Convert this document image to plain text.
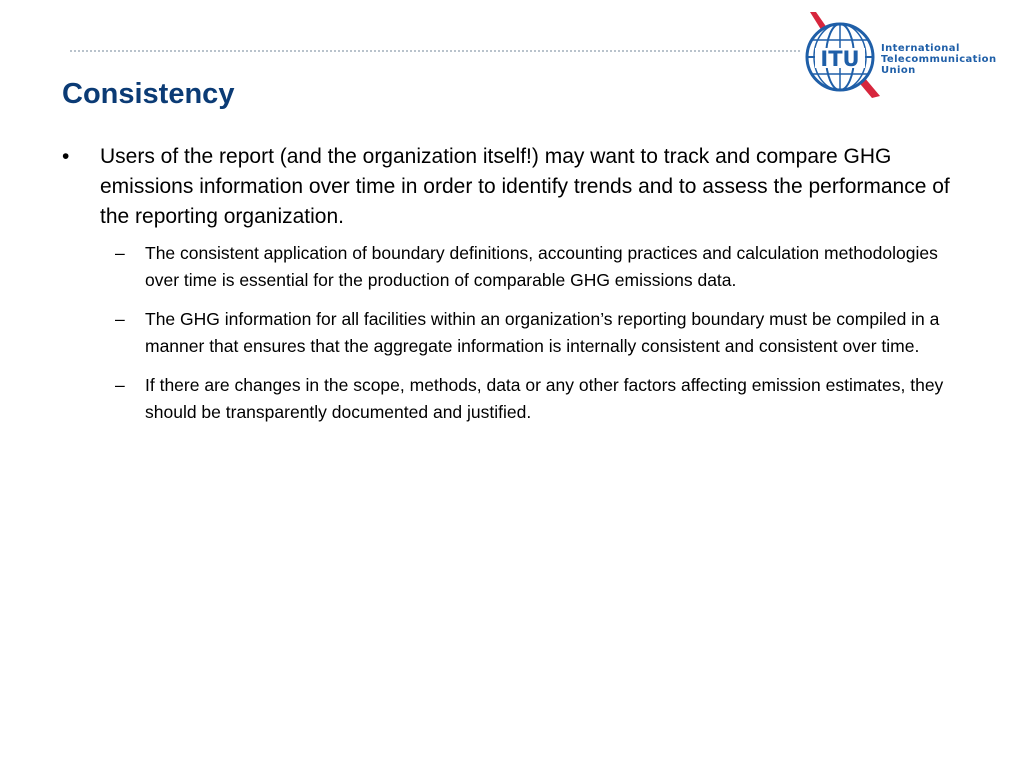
ITU International
Telecommunication
Union
Consistency
• Users of the report (and the organization itself!) may want to track and compare GHG emissions information over time in order to identify trends and to assess the performance of the reporting organization.
– The consistent application of boundary definitions, accounting practices and calculation methodologies over time is essential for the production of comparable GHG emissions data.
– The GHG information for all facilities within an organization’s reporting boundary must be compiled in a manner that ensures that the aggregate information is internally consistent and consistent over time.
– If there are changes in the scope, methods, data or any other factors affecting emission estimates, they should be transparently documented and justified.
